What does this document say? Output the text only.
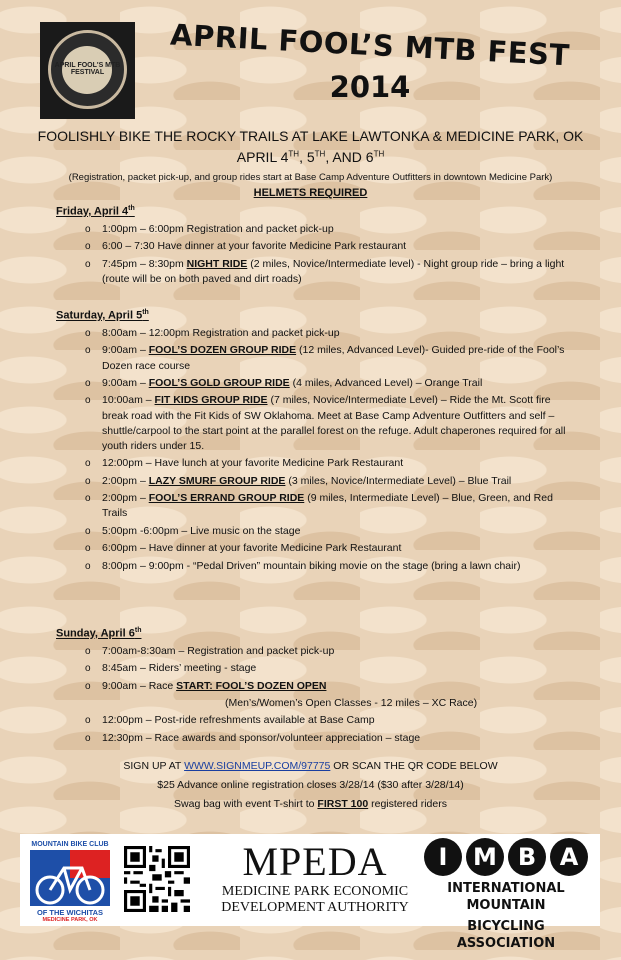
APRIL FOOL'S MTB FESTIVAL
APRIL FOOL’S MTB FEST
2014
FOOLISHLY BIKE THE ROCKY TRAILS AT LAKE LAWTONKA & MEDICINE PARK, OK
APRIL 4TH, 5TH, AND 6TH
(Registration, packet pick-up, and group rides start at Base Camp Adventure Outfitters in downtown Medicine Park)
HELMETS REQUIRED
Friday, April 4th
o 1:00pm – 6:00pm Registration and packet pick-up
o 6:00 – 7:30 Have dinner at your favorite Medicine Park restaurant
o 7:45pm – 8:30pm NIGHT RIDE (2 miles, Novice/Intermediate level) - Night group ride – bring a light (route will be on both paved and dirt roads)
Saturday, April 5th
o 8:00am – 12:00pm Registration and packet pick-up
o 9:00am – FOOL’S DOZEN GROUP RIDE (12 miles, Advanced Level)- Guided pre-ride of the Fool’s Dozen race course
o 9:00am – FOOL’S GOLD GROUP RIDE (4 miles, Advanced Level) – Orange Trail
o 10:00am – FIT KIDS GROUP RIDE (7 miles, Novice/Intermediate Level) – Ride the Mt. Scott fire break road with the Fit Kids of SW Oklahoma. Meet at Base Camp Adventure Outfitters and self –shuttle/carpool to the start point at the parallel forest on the refuge. Adult chaperones required for all youth riders under 15.
o 12:00pm – Have lunch at your favorite Medicine Park Restaurant
o 2:00pm – LAZY SMURF GROUP RIDE (3 miles, Novice/Intermediate Level) – Blue Trail
o 2:00pm – FOOL’S ERRAND GROUP RIDE (9 miles, Intermediate Level) – Blue, Green, and Red Trails
o 5:00pm -6:00pm – Live music on the stage
o 6:00pm – Have dinner at your favorite Medicine Park Restaurant
o 8:00pm – 9:00pm - “Pedal Driven” mountain biking movie on the stage (bring a lawn chair)
Sunday, April 6th
o 7:00am-8:30am – Registration and packet pick-up
o 8:45am – Riders’ meeting - stage
o 9:00am – Race START: FOOL’S DOZEN OPEN
(Men’s/Women’s Open Classes - 12 miles – XC Race)
o 12:00pm – Post-ride refreshments available at Base Camp
o 12:30pm – Race awards and sponsor/volunteer appreciation – stage
SIGN UP AT WWW.SIGNMEUP.COM/97775 OR SCAN THE QR CODE BELOW
$25 Advance online registration closes 3/28/14 ($30 after 3/28/14)
Swag bag with event T-shirt to FIRST 100 registered riders
MOUNTAIN BIKE CLUB
OF THE WICHITAS
MEDICINE PARK, OK
MPEDA
MEDICINE PARK ECONOMIC
DEVELOPMENT AUTHORITY
I	M B A
INTERNATIONAL MOUNTAIN
BICYCLING ASSOCIATION
